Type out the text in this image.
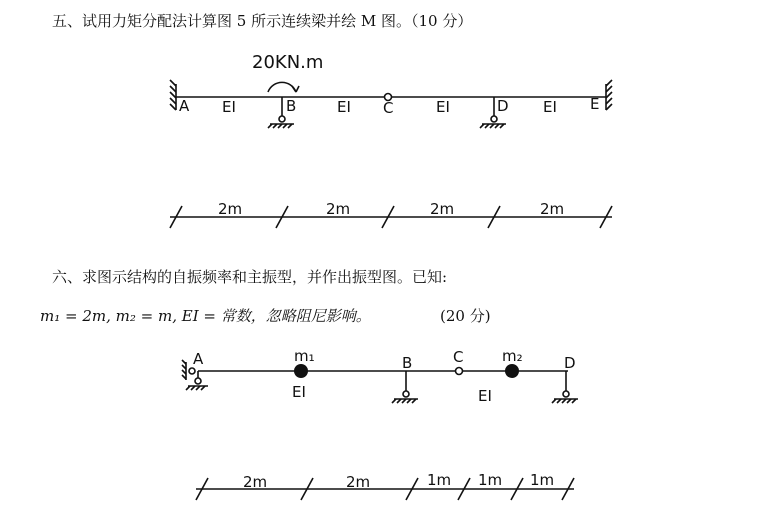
五、试用力矩分配法计算图 5 所示连续梁并绘 M 图。（10 分）
20KN.m
A	B	C	D	E
EI	EI	EI	EI
2m	2m	2m	2m
A	B	C	D
m₁	m₂
EI	EI
2m	2m	1m 1m 1m
六、求图示结构的自振频率和主振型，并作出振型图。已知:
m₁ = 2m, m₂ = m, EI = 常数，忽略阻尼影响。	(20 分)
